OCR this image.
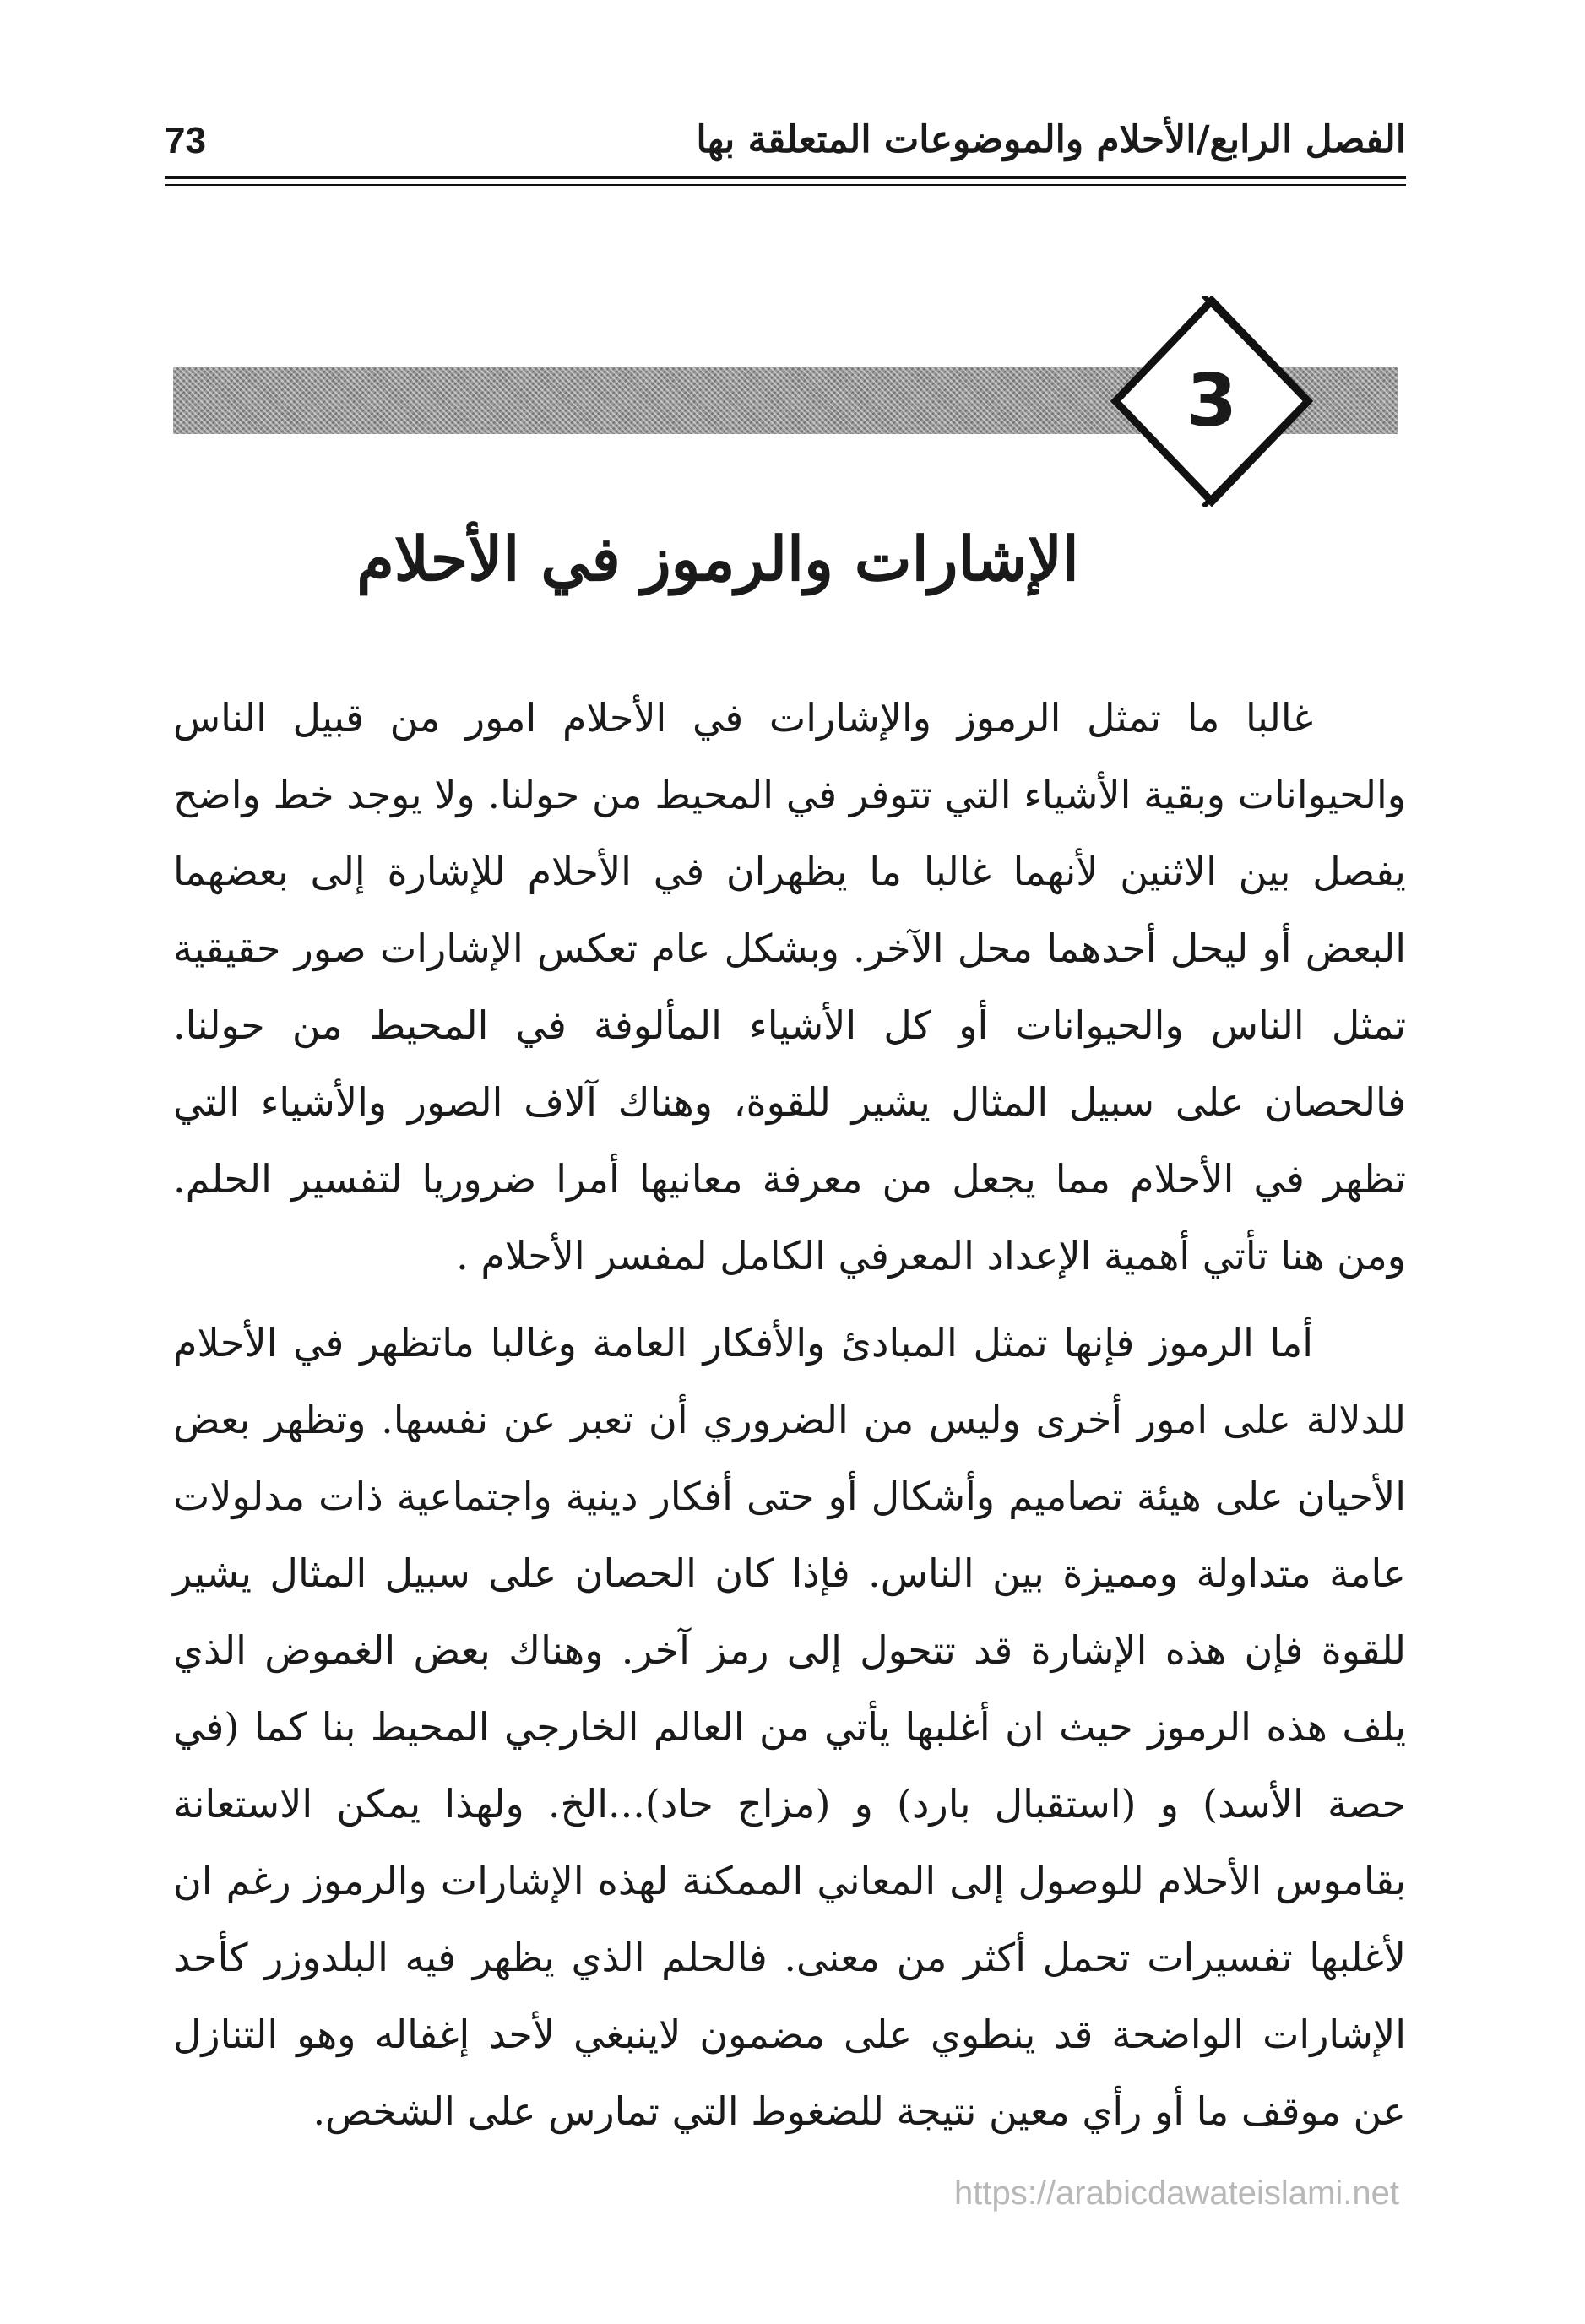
الفصل الرابع/الأحلام والموضوعات المتعلقة بها
73
3
الإشارات والرموز في الأحلام

غالبا ما تمثل الرموز والإشارات في الأحلام امور من قبيل الناس والحيوانات وبقية الأشياء التي تتوفر في المحيط من حولنا. ولا يوجد خط واضح يفصل بين الاثنين لأنهما غالبا ما يظهران في الأحلام للإشارة إلى بعضهما البعض أو ليحل أحدهما محل الآخر. وبشكل عام تعكس الإشارات صور حقيقية تمثل الناس والحيوانات أو كل الأشياء المألوفة في المحيط من حولنا. فالحصان على سبيل المثال يشير للقوة، وهناك آلاف الصور والأشياء التي تظهر في الأحلام مما يجعل من معرفة معانيها أمرا ضروريا لتفسير الحلم. ومن هنا تأتي أهمية الإعداد المعرفي الكامل لمفسر الأحلام .

أما الرموز فإنها تمثل المبادئ والأفكار العامة وغالبا ماتظهر في الأحلام للدلالة على امور أخرى وليس من الضروري أن تعبر عن نفسها. وتظهر بعض الأحيان على هيئة تصاميم وأشكال أو حتى أفكار دينية واجتماعية ذات مدلولات عامة متداولة ومميزة بين الناس. فإذا كان الحصان على سبيل المثال يشير للقوة فإن هذه الإشارة قد تتحول إلى رمز آخر. وهناك بعض الغموض الذي يلف هذه الرموز حيث ان أغلبها يأتي من العالم الخارجي المحيط بنا كما (في حصة الأسد) و (استقبال بارد) و (مزاج حاد)...الخ. ولهذا يمكن الاستعانة بقاموس الأحلام للوصول إلى المعاني الممكنة لهذه الإشارات والرموز رغم ان لأغلبها تفسيرات تحمل أكثر من معنى. فالحلم الذي يظهر فيه البلدوزر كأحد الإشارات الواضحة قد ينطوي على مضمون لاينبغي لأحد إغفاله وهو التنازل عن موقف ما أو رأي معين نتيجة للضغوط التي تمارس على الشخص.

https://arabicdawateislami.net
